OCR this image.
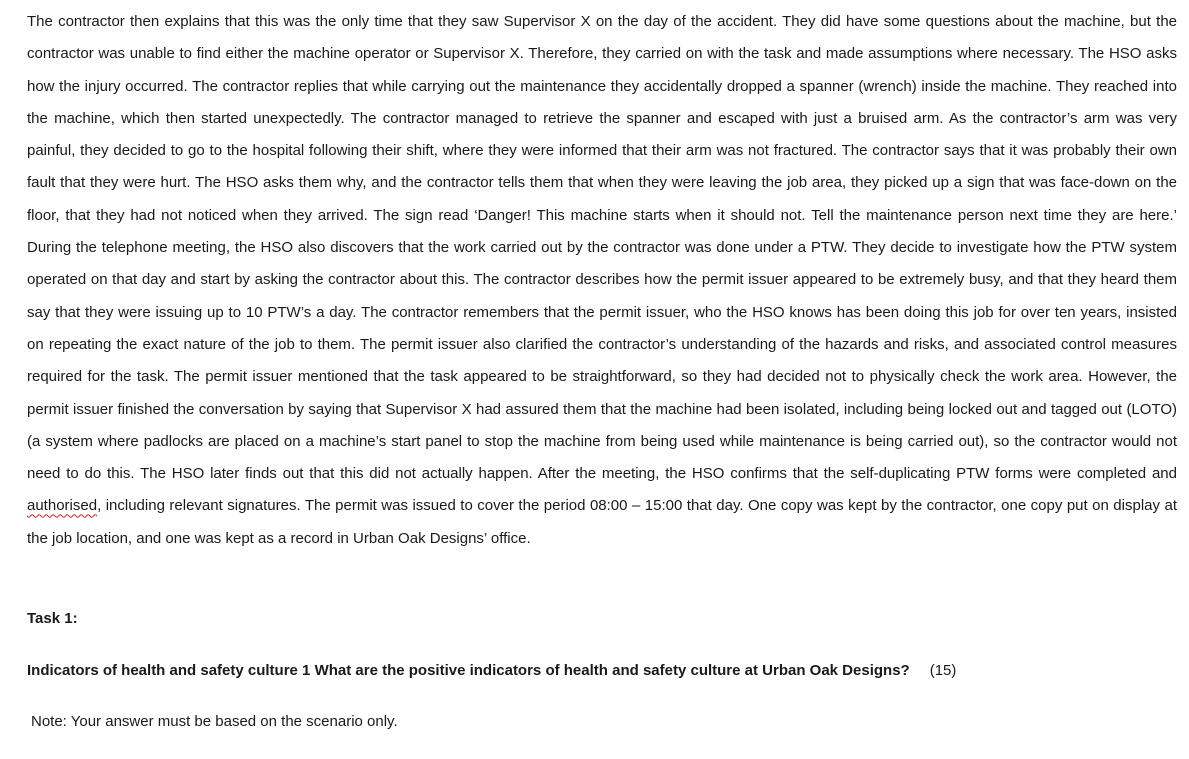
The contractor then explains that this was the only time that they saw Supervisor X on the day of the accident. They did have some questions about the machine, but the contractor was unable to find either the machine operator or Supervisor X. Therefore, they carried on with the task and made assumptions where necessary. The HSO asks how the injury occurred. The contractor replies that while carrying out the maintenance they accidentally dropped a spanner (wrench) inside the machine. They reached into the machine, which then started unexpectedly. The contractor managed to retrieve the spanner and escaped with just a bruised arm. As the contractor’s arm was very painful, they decided to go to the hospital following their shift, where they were informed that their arm was not fractured. The contractor says that it was probably their own fault that they were hurt. The HSO asks them why, and the contractor tells them that when they were leaving the job area, they picked up a sign that was face-down on the floor, that they had not noticed when they arrived. The sign read ‘Danger! This machine starts when it should not. Tell the maintenance person next time they are here.’ During the telephone meeting, the HSO also discovers that the work carried out by the contractor was done under a PTW. They decide to investigate how the PTW system operated on that day and start by asking the contractor about this. The contractor describes how the permit issuer appeared to be extremely busy, and that they heard them say that they were issuing up to 10 PTW’s a day. The contractor remembers that the permit issuer, who the HSO knows has been doing this job for over ten years, insisted on repeating the exact nature of the job to them. The permit issuer also clarified the contractor’s understanding of the hazards and risks, and associated control measures required for the task. The permit issuer mentioned that the task appeared to be straightforward, so they had decided not to physically check the work area. However, the permit issuer finished the conversation by saying that Supervisor X had assured them that the machine had been isolated, including being locked out and tagged out (LOTO) (a system where padlocks are placed on a machine’s start panel to stop the machine from being used while maintenance is being carried out), so the contractor would not need to do this. The HSO later finds out that this did not actually happen. After the meeting, the HSO confirms that the self-duplicating PTW forms were completed and authorised, including relevant signatures. The permit was issued to cover the period 08:00 – 15:00 that day. One copy was kept by the contractor, one copy put on display at the job location, and one was kept as a record in Urban Oak Designs’ office.

Task 1:

Indicators of health and safety culture 1 What are the positive indicators of health and safety culture at Urban Oak Designs? (15)

Note: Your answer must be based on the scenario only.
